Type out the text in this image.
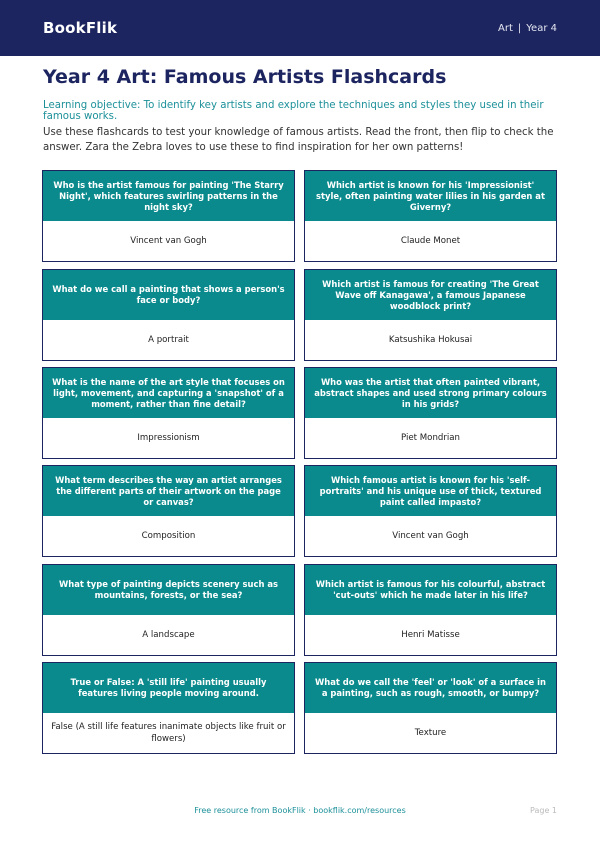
BookFlik	Art | Year 4
Year 4 Art: Famous Artists Flashcards
Learning objective: To identify key artists and explore the techniques and styles they used in their famous works.
Use these flashcards to test your knowledge of famous artists. Read the front, then flip to check the answer. Zara the Zebra loves to use these to find inspiration for her own patterns!
Who is the artist famous for painting 'The Starry Night', which features swirling patterns in the night sky?
Vincent van Gogh
Which artist is known for his 'Impressionist' style, often painting water lilies in his garden at Giverny?
Claude Monet
What do we call a painting that shows a person's face or body?
A portrait
Which artist is famous for creating 'The Great Wave off Kanagawa', a famous Japanese woodblock print?
Katsushika Hokusai
What is the name of the art style that focuses on light, movement, and capturing a 'snapshot' of a moment, rather than fine detail?
Impressionism
Who was the artist that often painted vibrant, abstract shapes and used strong primary colours in his grids?
Piet Mondrian
What term describes the way an artist arranges the different parts of their artwork on the page or canvas?
Composition
Which famous artist is known for his 'self-portraits' and his unique use of thick, textured paint called impasto?
Vincent van Gogh
What type of painting depicts scenery such as mountains, forests, or the sea?
A landscape
Which artist is famous for his colourful, abstract 'cut-outs' which he made later in his life?
Henri Matisse
True or False: A 'still life' painting usually features living people moving around.
False (A still life features inanimate objects like fruit or flowers)
What do we call the 'feel' or 'look' of a surface in a painting, such as rough, smooth, or bumpy?
Texture
Free resource from BookFlik · bookflik.com/resources	Page 1
